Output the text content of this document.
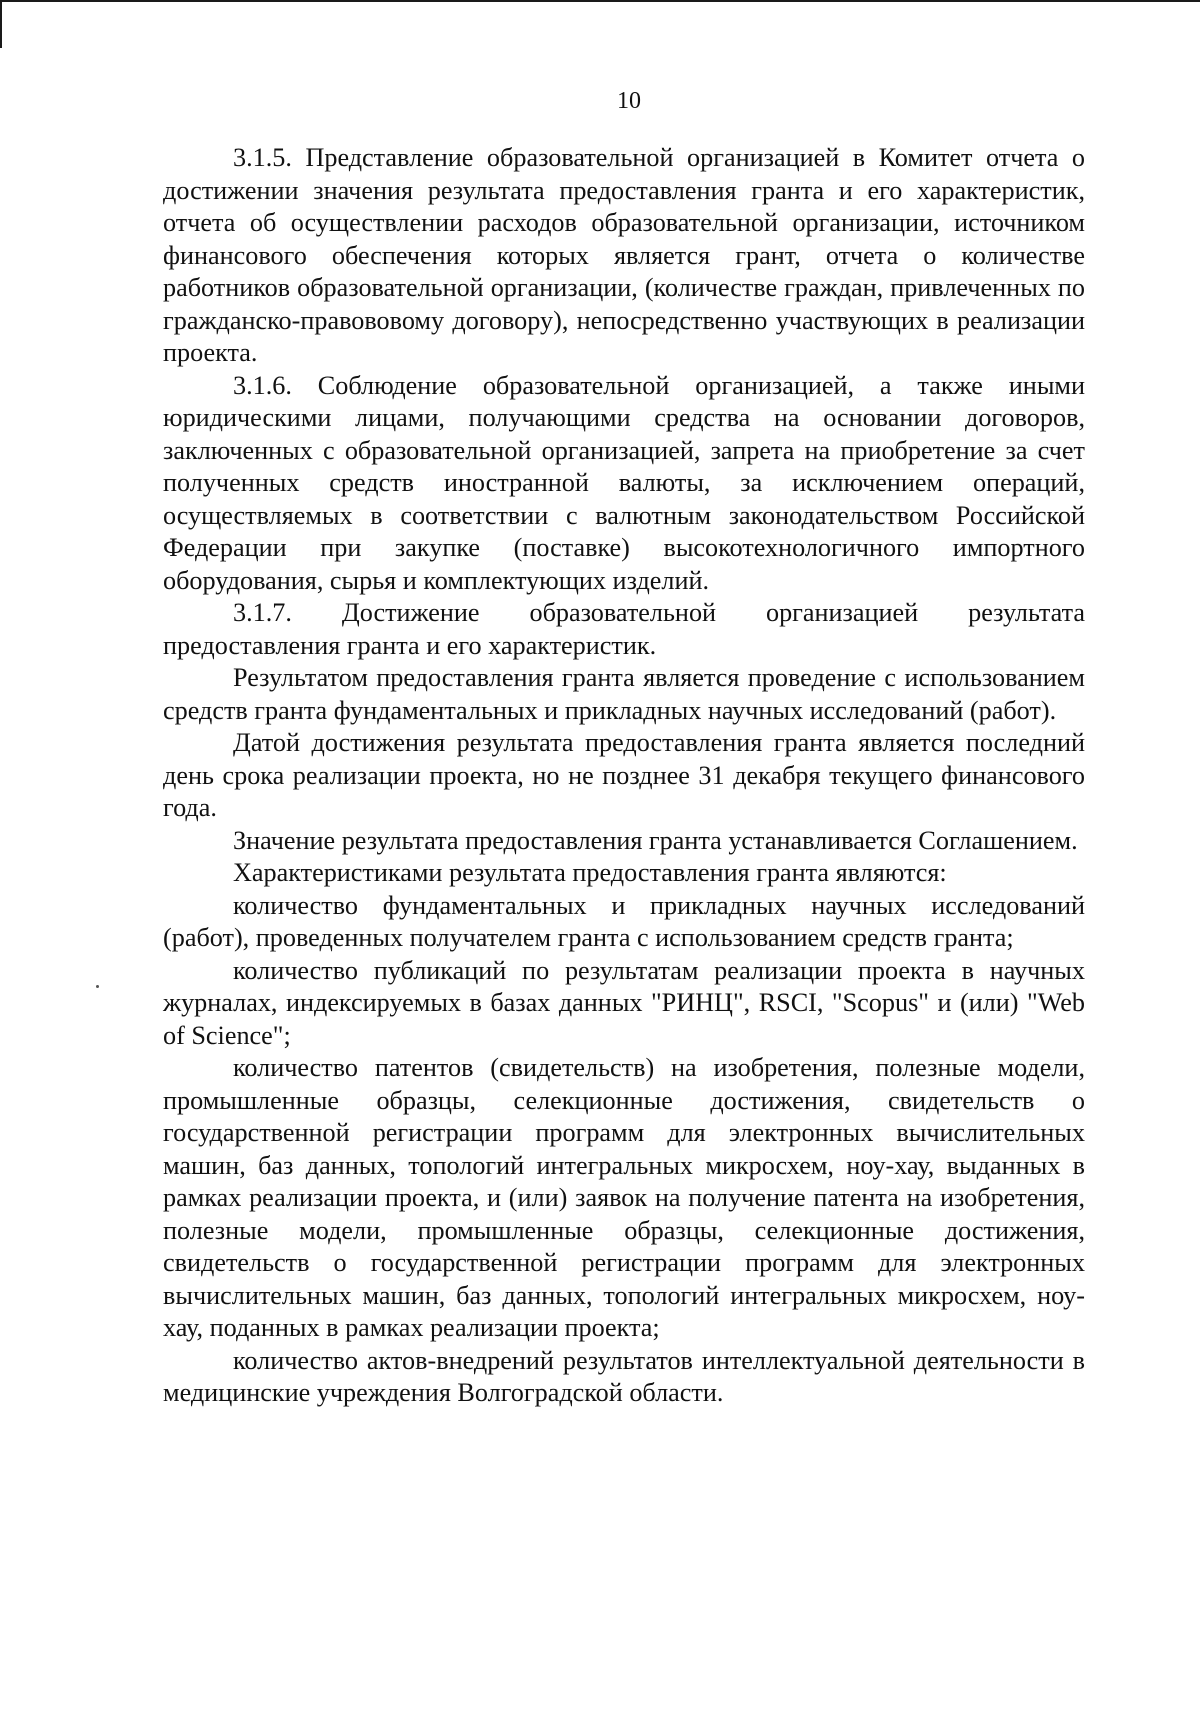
10

3.1.5. Представление образовательной организацией в Комитет отчета о достижении значения результата предоставления гранта и его характеристик, отчета об осуществлении расходов образовательной организации, источником финансового обеспечения которых является грант, отчета о количестве работников образовательной организации, (количестве граждан, привлеченных по гражданско-правововому договору), непосредственно участвующих в реализации проекта.

3.1.6. Соблюдение образовательной организацией, а также иными юридическими лицами, получающими средства на основании договоров, заключенных с образовательной организацией, запрета на приобретение за счет полученных средств иностранной валюты, за исключением операций, осуществляемых в соответствии с валютным законодательством Российской Федерации при закупке (поставке) высокотехнологичного импортного оборудования, сырья и комплектующих изделий.

3.1.7. Достижение образовательной организацией результата предоставления гранта и его характеристик.

Результатом предоставления гранта является проведение с использованием средств гранта фундаментальных и прикладных научных исследований (работ).

Датой достижения результата предоставления гранта является последний день срока реализации проекта, но не позднее 31 декабря текущего финансового года.

Значение результата предоставления гранта устанавливается Соглашением.

Характеристиками результата предоставления гранта являются:

количество фундаментальных и прикладных научных исследований (работ), проведенных получателем гранта с использованием средств гранта;

количество публикаций по результатам реализации проекта в научных журналах, индексируемых в базах данных "РИНЦ", RSCI, "Scopus" и (или) "Web of Science";

количество патентов (свидетельств) на изобретения, полезные модели, промышленные образцы, селекционные достижения, свидетельств о государственной регистрации программ для электронных вычислительных машин, баз данных, топологий интегральных микросхем, ноу-хау, выданных в рамках реализации проекта, и (или) заявок на получение патента на изобретения, полезные модели, промышленные образцы, селекционные достижения, свидетельств о государственной регистрации программ для электронных вычислительных машин, баз данных, топологий интегральных микросхем, ноу-хау, поданных в рамках реализации проекта;

количество актов-внедрений результатов интеллектуальной деятельности в медицинские учреждения Волгоградской области.
